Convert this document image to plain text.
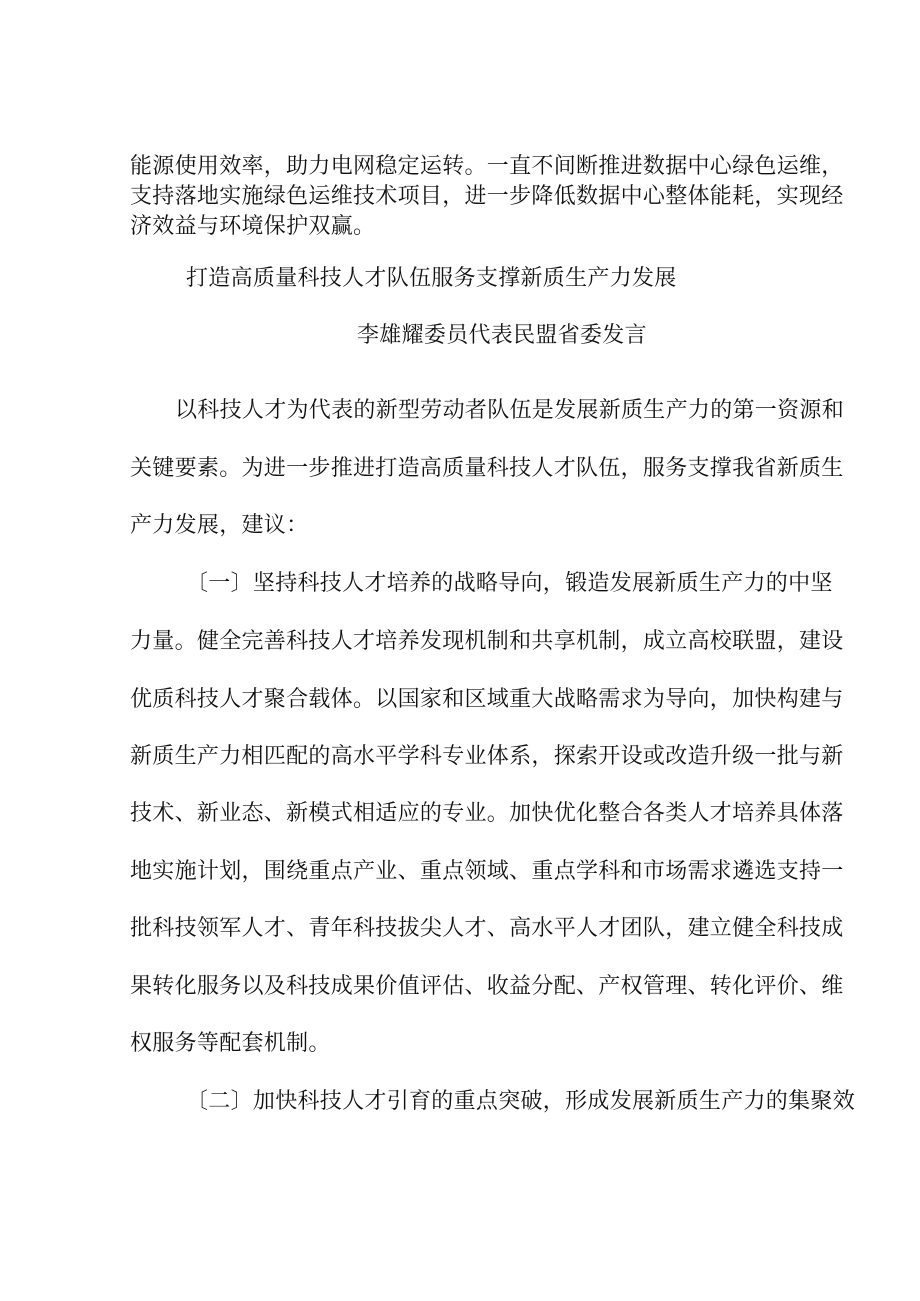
能源使用效率，助力电网稳定运转。一直不间断推进数据中心绿色运维，
支持落地实施绿色运维技术项目，进一步降低数据中心整体能耗，实现经
济效益与环境保护双赢。
打造高质量科技人才队伍服务支撑新质生产力发展
李雄耀委员代表民盟省委发言
以科技人才为代表的新型劳动者队伍是发展新质生产力的第一资源和
关键要素。为进一步推进打造高质量科技人才队伍，服务支撑我省新质生
产力发展，建议：
〔一〕坚持科技人才培养的战略导向，锻造发展新质生产力的中坚
力量。健全完善科技人才培养发现机制和共享机制，成立高校联盟，建设
优质科技人才聚合载体。以国家和区域重大战略需求为导向，加快构建与
新质生产力相匹配的高水平学科专业体系，探索开设或改造升级一批与新
技术、新业态、新模式相适应的专业。加快优化整合各类人才培养具体落
地实施计划，围绕重点产业、重点领域、重点学科和市场需求遴选支持一
批科技领军人才、青年科技拔尖人才、高水平人才团队，建立健全科技成
果转化服务以及科技成果价值评估、收益分配、产权管理、转化评价、维
权服务等配套机制。
〔二〕加快科技人才引育的重点突破，形成发展新质生产力的集聚效
